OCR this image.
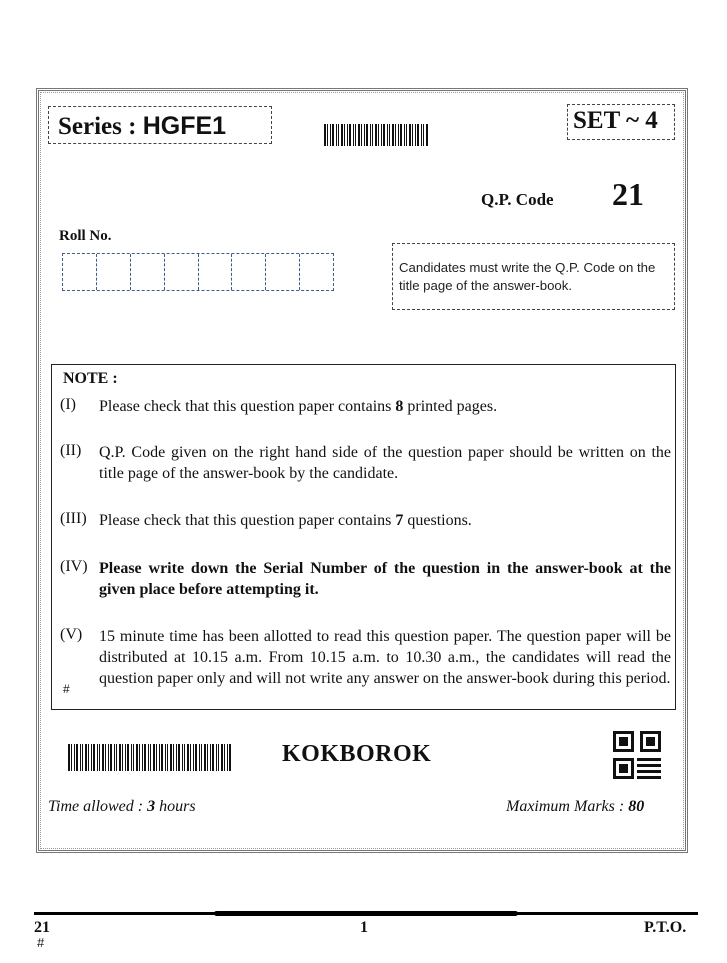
Series : HGFE1	SET ~ 4
Q.P. Code 21
Roll No.
Candidates must write the Q.P. Code on the title page of the answer-book.
NOTE :
(I) Please check that this question paper contains 8 printed pages.
(II) Q.P. Code given on the right hand side of the question paper should be written on the title page of the answer-book by the candidate.
(III) Please check that this question paper contains 7 questions.
(IV) Please write down the Serial Number of the question in the answer-book at the given place before attempting it.
(V) 15 minute time has been allotted to read this question paper. The question paper will be distributed at 10.15 a.m. From 10.15 a.m. to 10.30 a.m., the candidates will read the question paper only and will not write any answer on the answer-book during this period.
#
KOKBOROK
Time allowed : 3 hours	Maximum Marks : 80
21
#
1	P.T.O.
